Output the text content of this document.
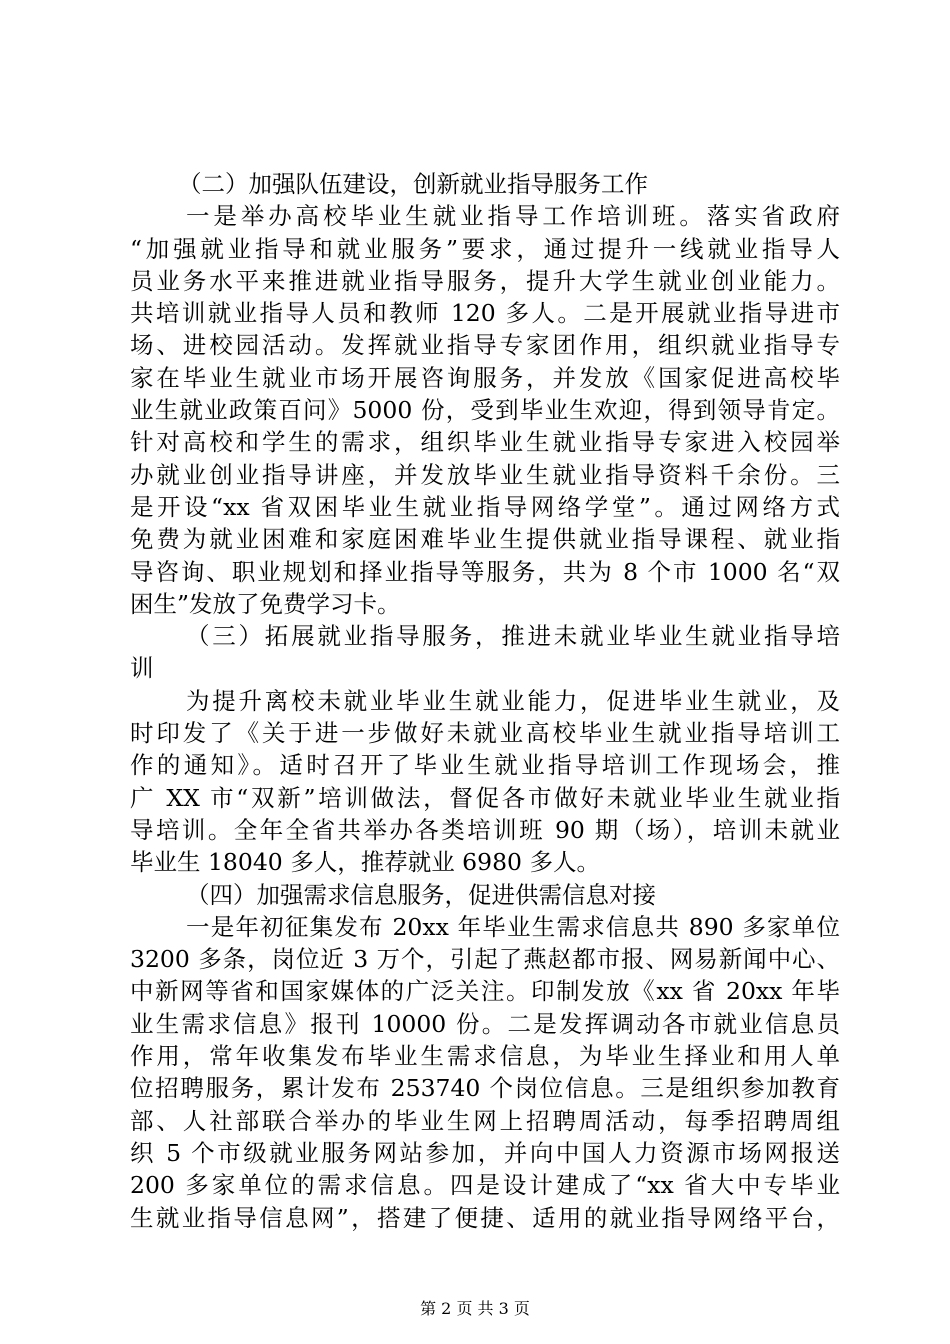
（二）加强队伍建设，创新就业指导服务工作
一是举办高校毕业生就业指导工作培训班。落实省政府
“加强就业指导和就业服务”要求，通过提升一线就业指导人
员业务水平来推进就业指导服务，提升大学生就业创业能力。
共培训就业指导人员和教师 120 多人。二是开展就业指导进市
场、进校园活动。发挥就业指导专家团作用，组织就业指导专
家在毕业生就业市场开展咨询服务，并发放《国家促进高校毕
业生就业政策百问》5000 份，受到毕业生欢迎，得到领导肯定。
针对高校和学生的需求，组织毕业生就业指导专家进入校园举
办就业创业指导讲座，并发放毕业生就业指导资料千余份。三
是开设“xx 省双困毕业生就业指导网络学堂”。通过网络方式
免费为就业困难和家庭困难毕业生提供就业指导课程、就业指
导咨询、职业规划和择业指导等服务，共为 8 个市 1000 名“双
困生”发放了免费学习卡。
（三）拓展就业指导服务，推进未就业毕业生就业指导培
训
为提升离校未就业毕业生就业能力，促进毕业生就业，及
时印发了《关于进一步做好未就业高校毕业生就业指导培训工
作的通知》。适时召开了毕业生就业指导培训工作现场会，推
广 XX 市“双新”培训做法，督促各市做好未就业毕业生就业指
导培训。全年全省共举办各类培训班 90 期（场），培训未就业
毕业生 18040 多人，推荐就业 6980 多人。
（四）加强需求信息服务，促进供需信息对接
一是年初征集发布 20xx 年毕业生需求信息共 890 多家单位
3200 多条，岗位近 3 万个，引起了燕赵都市报、网易新闻中心、
中新网等省和国家媒体的广泛关注。印制发放《xx 省 20xx 年毕
业生需求信息》报刊 10000 份。二是发挥调动各市就业信息员
作用，常年收集发布毕业生需求信息，为毕业生择业和用人单
位招聘服务，累计发布 253740 个岗位信息。三是组织参加教育
部、人社部联合举办的毕业生网上招聘周活动，每季招聘周组
织 5 个市级就业服务网站参加，并向中国人力资源市场网报送
200 多家单位的需求信息。四是设计建成了“xx 省大中专毕业
生就业指导信息网”，搭建了便捷、适用的就业指导网络平台，
第 2 页 共 3 页
